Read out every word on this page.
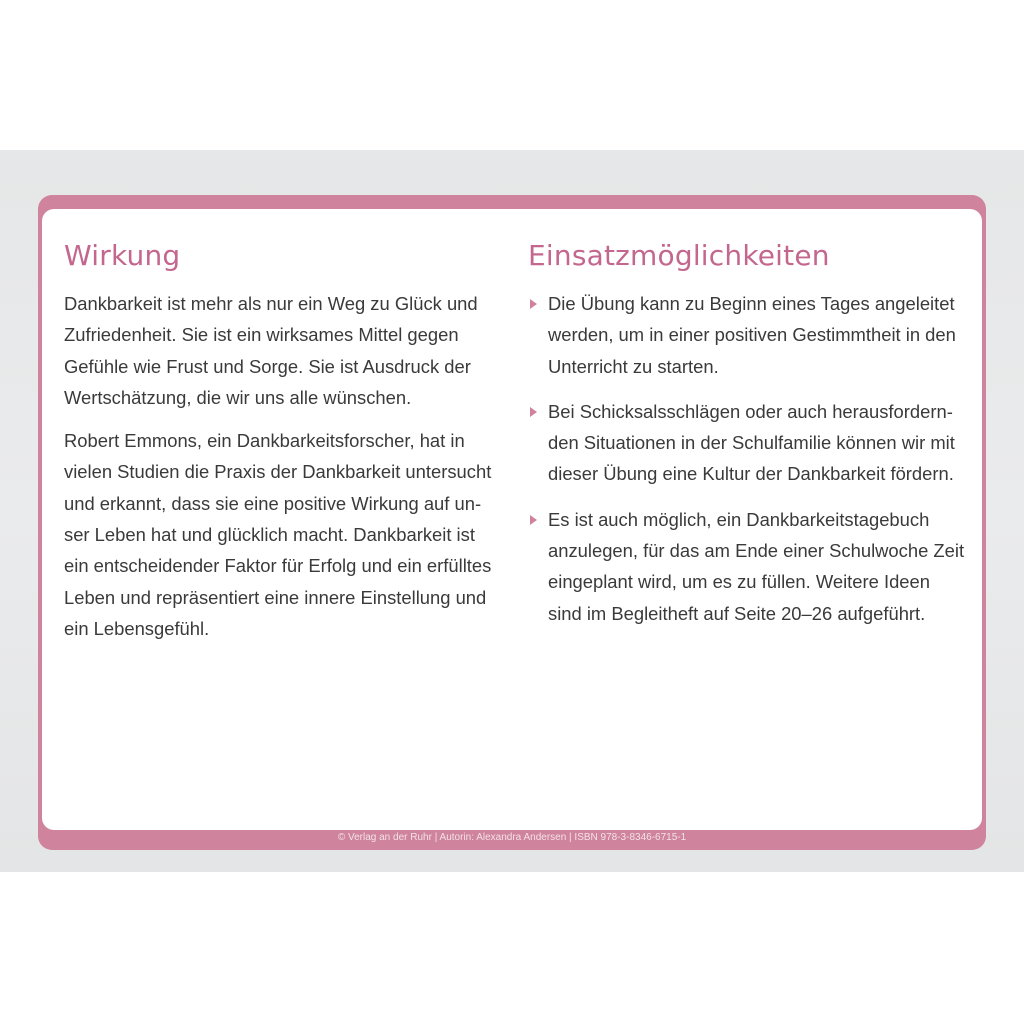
Wirkung

Dankbarkeit ist mehr als nur ein Weg zu Glück und Zufriedenheit. Sie ist ein wirksames Mittel gegen Gefühle wie Frust und Sorge. Sie ist Ausdruck der Wertschätzung, die wir uns alle wünschen.

Robert Emmons, ein Dankbarkeitsforscher, hat in vielen Studien die Praxis der Dankbarkeit untersucht und erkannt, dass sie eine positive Wirkung auf un-ser Leben hat und glücklich macht. Dankbarkeit ist ein entscheidender Faktor für Erfolg und ein erfülltes Leben und repräsentiert eine innere Einstellung und ein Lebensgefühl.

Einsatzmöglichkeiten
Die Übung kann zu Beginn eines Tages angeleitet werden, um in einer positiven Gestimmtheit in den Unterricht zu starten.
Bei Schicksalsschlägen oder auch herausfordern-den Situationen in der Schulfamilie können wir mit dieser Übung eine Kultur der Dankbarkeit fördern.
Es ist auch möglich, ein Dankbarkeitstagebuch anzulegen, für das am Ende einer Schulwoche Zeit eingeplant wird, um es zu füllen. Weitere Ideen sind im Begleitheft auf Seite 20–26 aufgeführt.
© Verlag an der Ruhr | Autorin: Alexandra Andersen | ISBN 978-3-8346-6715-1
